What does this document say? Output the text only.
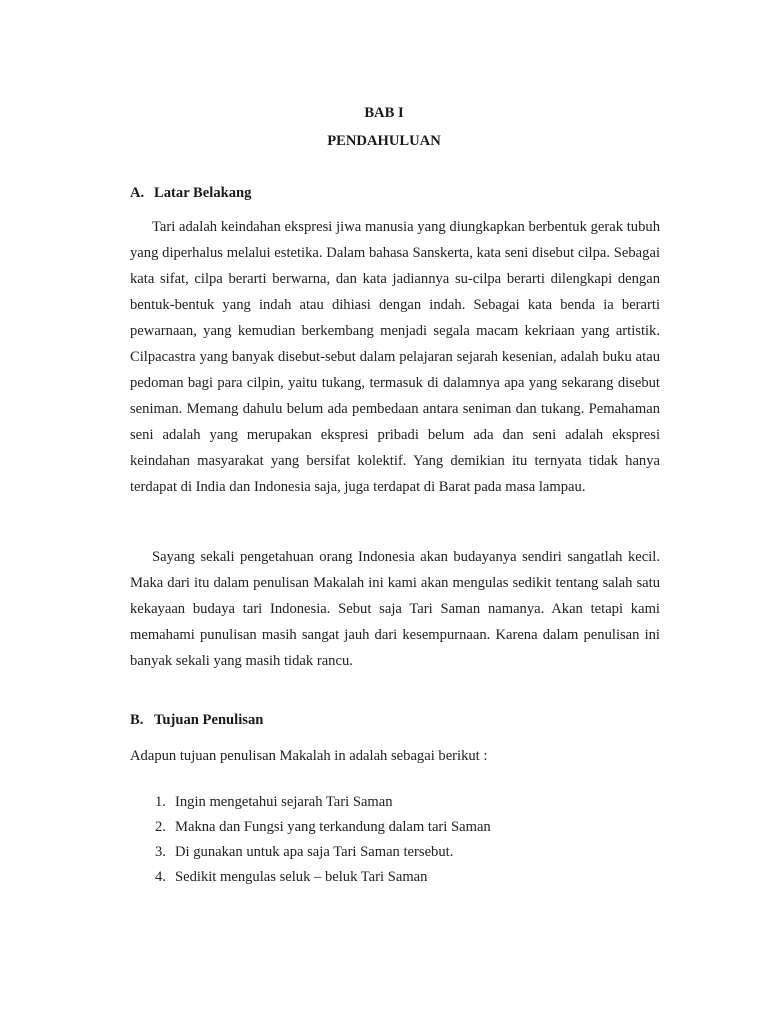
BAB I
PENDAHULUAN
A. Latar Belakang

Tari adalah keindahan ekspresi jiwa manusia yang diungkapkan berbentuk gerak tubuh yang diperhalus melalui estetika. Dalam bahasa Sanskerta, kata seni disebut cilpa. Sebagai kata sifat, cilpa berarti berwarna, dan kata jadiannya su-cilpa berarti dilengkapi dengan bentuk-bentuk yang indah atau dihiasi dengan indah. Sebagai kata benda ia berarti pewarnaan, yang kemudian berkembang menjadi segala macam kekriaan yang artistik. Cilpacastra yang banyak disebut-sebut dalam pelajaran sejarah kesenian, adalah buku atau pedoman bagi para cilpin, yaitu tukang, termasuk di dalamnya apa yang sekarang disebut seniman. Memang dahulu belum ada pembedaan antara seniman dan tukang. Pemahaman seni adalah yang merupakan ekspresi pribadi belum ada dan seni adalah ekspresi keindahan masyarakat yang bersifat kolektif. Yang demikian itu ternyata tidak hanya terdapat di India dan Indonesia saja, juga terdapat di Barat pada masa lampau.

Sayang sekali pengetahuan orang Indonesia akan budayanya sendiri sangatlah kecil. Maka dari itu dalam penulisan Makalah ini kami akan mengulas sedikit tentang salah satu kekayaan budaya tari Indonesia. Sebut saja Tari Saman namanya. Akan tetapi kami memahami punulisan masih sangat jauh dari kesempurnaan. Karena dalam penulisan ini banyak sekali yang masih tidak rancu.

B. Tujuan Penulisan

Adapun tujuan penulisan Makalah in adalah sebagai berikut :

1. Ingin mengetahui sejarah Tari Saman
2. Makna dan Fungsi yang terkandung dalam tari Saman
3. Di gunakan untuk apa saja Tari Saman tersebut.
4. Sedikit mengulas seluk – beluk Tari Saman
